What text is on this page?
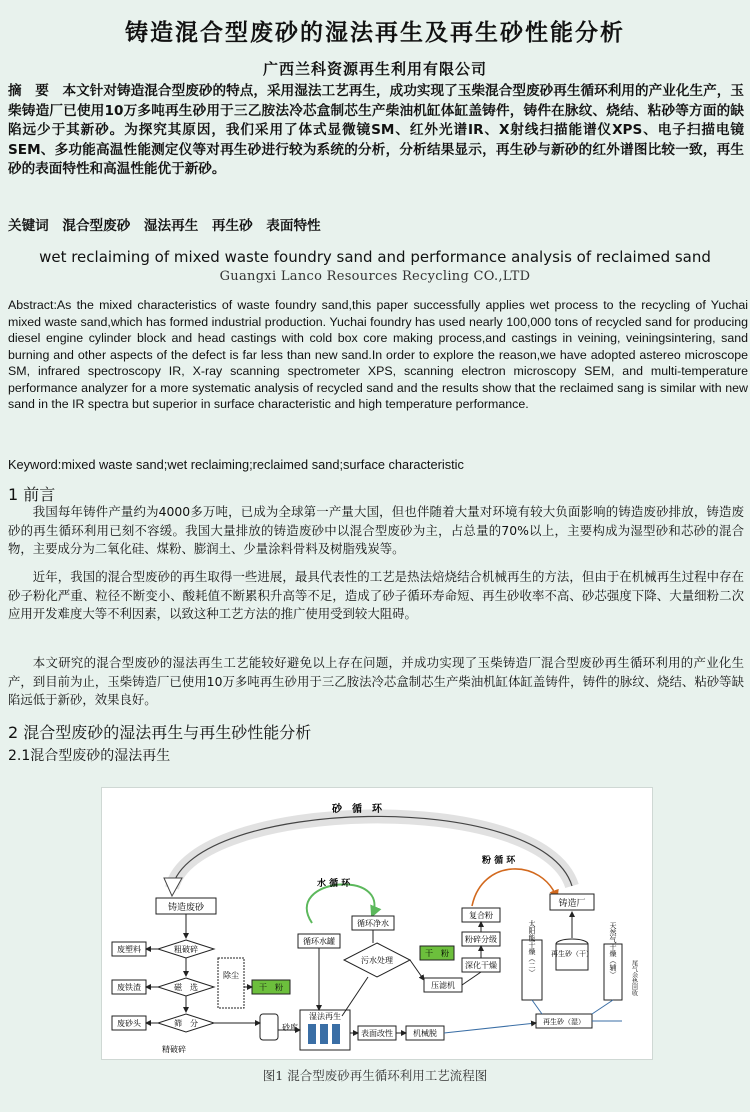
铸造混合型废砂的湿法再生及再生砂性能分析
广西兰科资源再生利用有限公司
摘　要　本文针对铸造混合型废砂的特点，采用湿法工艺再生，成功实现了玉柴混合型废砂再生循环利用的产业化生产，玉柴铸造厂已使用10万多吨再生砂用于三乙胺法冷芯盒制芯生产柴油机缸体缸盖铸件，铸件在脉纹、烧结、粘砂等方面的缺陷远少于其新砂。为探究其原因，我们采用了体式显微镜SM、红外光谱IR、X射线扫描能谱仪XPS、电子扫描电镜SEM、多功能高温性能测定仪等对再生砂进行较为系统的分析，分析结果显示，再生砂与新砂的红外谱图比较一致，再生砂的表面特性和高温性能优于新砂。
关键词　混合型废砂　湿法再生　再生砂　表面特性
wet reclaiming of mixed waste foundry sand and performance analysis of reclaimed sand
Guangxi Lanco Resources Recycling CO.,LTD
Abstract:As the mixed characteristics of waste foundry sand,this paper successfully applies wet process to the recycling of Yuchai mixed waste sand,which has formed industrial production. Yuchai foundry has used nearly 100,000 tons of recycled sand for producing diesel engine cylinder block and head castings with cold box core making process,and castings in veining, veiningsintering, sand burning and other aspects of the defect is far less than new sand.In order to explore the reason,we have adopted astereo microscope SM, infrared spectroscopy IR, X-ray scanning spectrometer XPS, scanning electron microscopy SEM, and multi-temperature performance analyzer for a more systematic analysis of recycled sand and the results show that the reclaimed sang is similar with new sand in the IR spectra but superior in surface characteristic and high temperature performance.
Keyword:mixed waste sand;wet reclaiming;reclaimed sand;surface characteristic
1 前言
我国每年铸件产量约为4000多万吨，已成为全球第一产量大国，但也伴随着大量对环境有较大负面影响的铸造废砂排放，铸造废砂的再生循环利用已刻不容缓。我国大量排放的铸造废砂中以混合型废砂为主，占总量的70%以上，主要构成为湿型砂和芯砂的混合物，主要成分为二氧化硅、煤粉、膨润土、少量涂料骨料及树脂残炭等。
近年，我国的混合型废砂的再生取得一些进展，最具代表性的工艺是热法焙烧结合机械再生的方法，但由于在机械再生过程中存在砂子粉化严重、粒径不断变小、酸耗值不断累积升高等不足，造成了砂子循环寿命短、再生砂收率不高、砂芯强度下降、大量细粉二次应用开发难度大等不利因素，以致这种工艺方法的推广使用受到较大阻碍。
本文研究的混合型废砂的湿法再生工艺能较好避免以上存在问题，并成功实现了玉柴铸造厂混合型废砂再生循环利用的产业化生产，到目前为止，玉柴铸造厂已使用10万多吨再生砂用于三乙胺法冷芯盒制芯生产柴油机缸体缸盖铸件，铸件的脉纹、烧结、粘砂等缺陷远低于新砂，效果良好。
2 混合型废砂的湿法再生与再生砂性能分析
2.1混合型废砂的湿法再生
砂　循　环
水 循 环
粉 循 环
铸造废砂
粗破碎
废塑料
磁　选
废铁渣
除尘
干　粉
筛　分
废砂头
精破碎
砂库
湿法再生
表面改性	机械脱
循环水罐
循环净水
污水处理
干　粉
压滤机
复合粉
粉碎分级
深化干燥
铸造厂
再生砂（干）
太阳能干燥（二）	天然气干燥（辅） 尾气余热回收
再生砂（湿）
图1 混合型废砂再生循环利用工艺流程图
